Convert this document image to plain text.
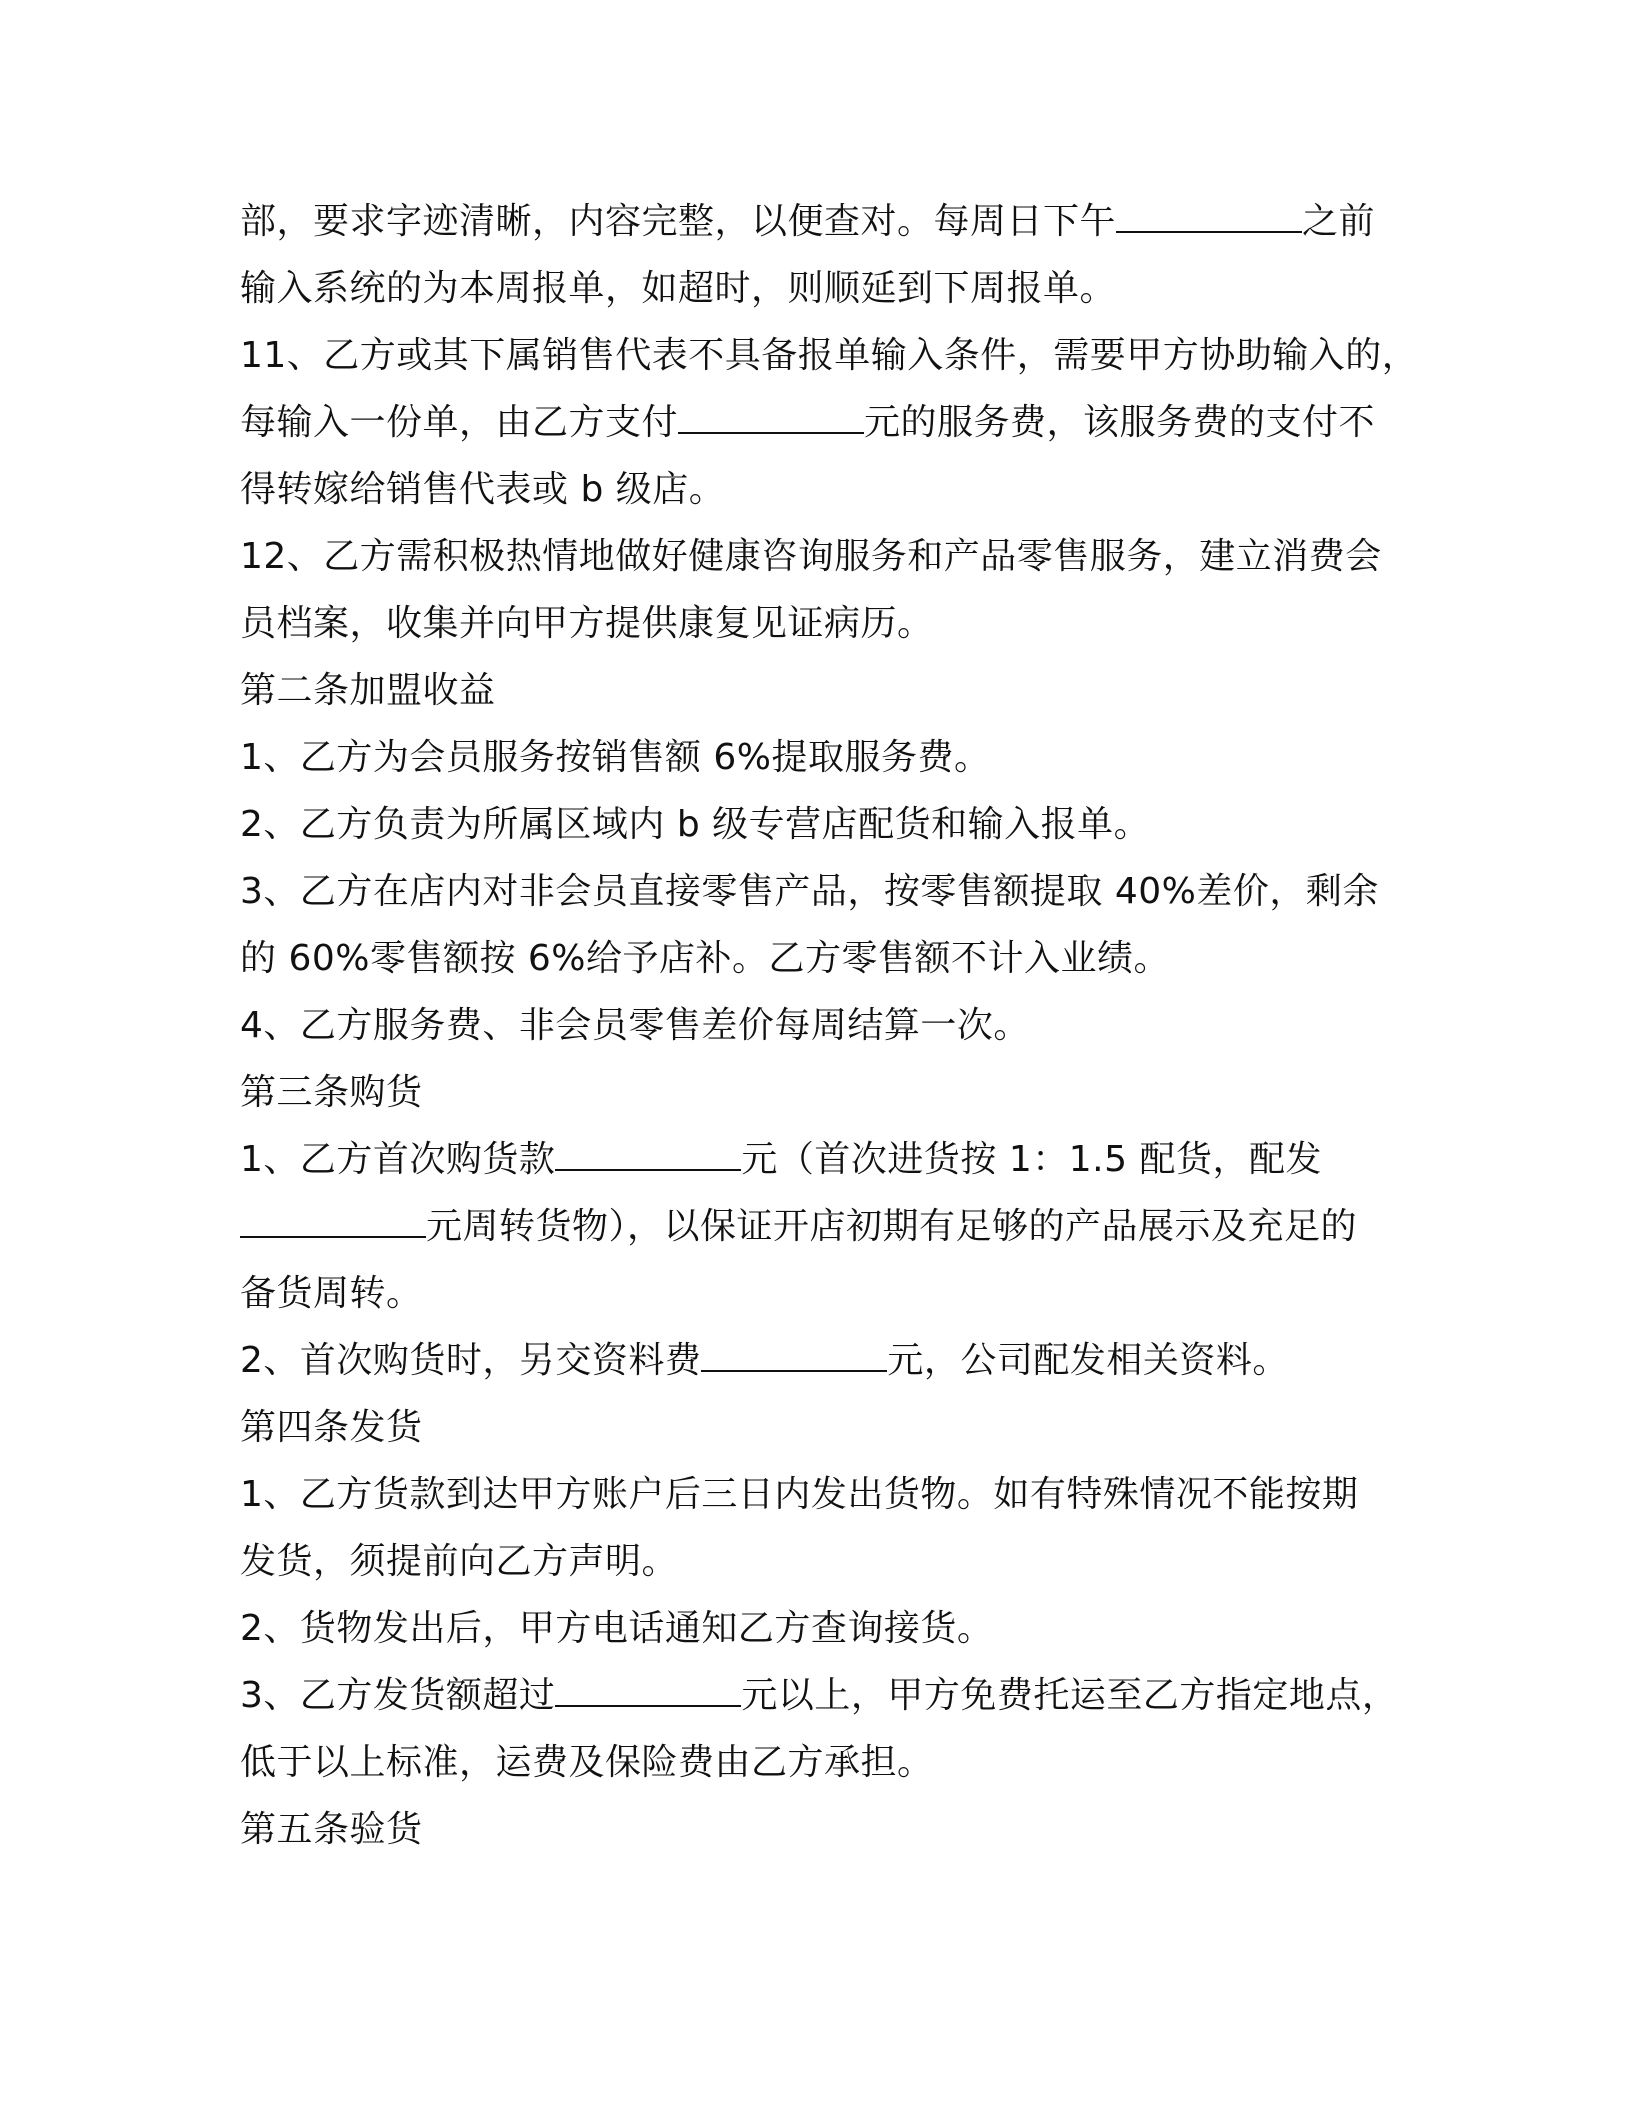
部，要求字迹清晰，内容完整，以便查对。每周日下午	之前
输入系统的为本周报单，如超时，则顺延到下周报单。
11、乙方或其下属销售代表不具备报单输入条件，需要甲方协助输入的，
每输入一份单，由乙方支付	元的服务费，该服务费的支付不
得转嫁给销售代表或 b 级店。
12、乙方需积极热情地做好健康咨询服务和产品零售服务，建立消费会
员档案，收集并向甲方提供康复见证病历。
第二条加盟收益
1、乙方为会员服务按销售额 6%提取服务费。
2、乙方负责为所属区域内 b 级专营店配货和输入报单。
3、乙方在店内对非会员直接零售产品，按零售额提取 40%差价，剩余
的 60%零售额按 6%给予店补。乙方零售额不计入业绩。
4、乙方服务费、非会员零售差价每周结算一次。
第三条购货
1、乙方首次购货款	元（首次进货按 1：1.5 配货，配发
元周转货物），以保证开店初期有足够的产品展示及充足的
备货周转。
2、首次购货时，另交资料费	元，公司配发相关资料。
第四条发货
1、乙方货款到达甲方账户后三日内发出货物。如有特殊情况不能按期
发货，须提前向乙方声明。
2、货物发出后，甲方电话通知乙方查询接货。
3、乙方发货额超过	元以上，甲方免费托运至乙方指定地点，
低于以上标准，运费及保险费由乙方承担。
第五条验货
